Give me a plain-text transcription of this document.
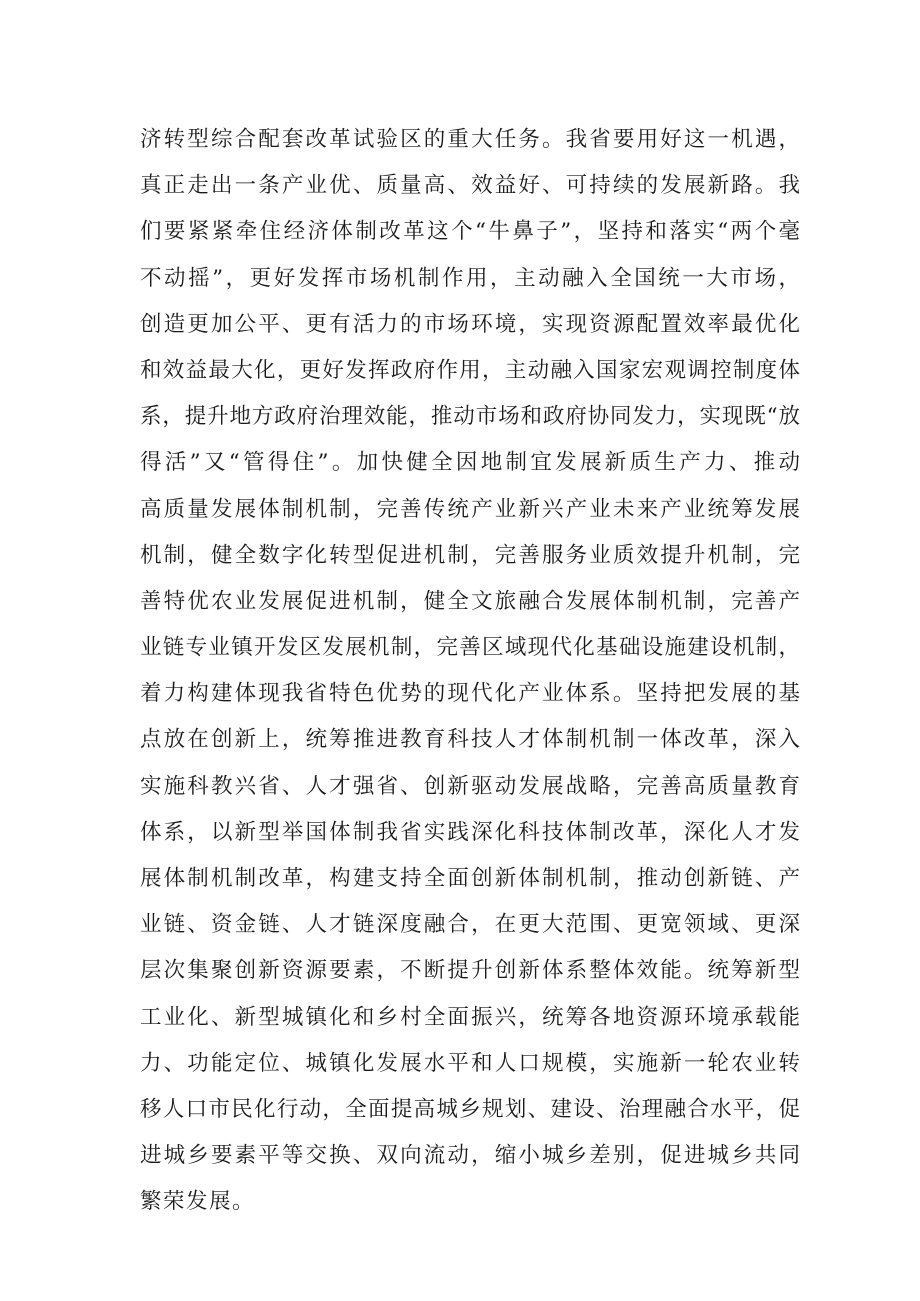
济转型综合配套改革试验区的重大任务。我省要用好这一机遇，
真正走出一条产业优、质量高、效益好、可持续的发展新路。我
们要紧紧牵住经济体制改革这个“牛鼻子”，坚持和落实“两个毫
不动摇”，更好发挥市场机制作用，主动融入全国统一大市场，
创造更加公平、更有活力的市场环境，实现资源配置效率最优化
和效益最大化，更好发挥政府作用，主动融入国家宏观调控制度体
系，提升地方政府治理效能，推动市场和政府协同发力，实现既“放
得活”又“管得住”。加快健全因地制宜发展新质生产力、推动
高质量发展体制机制，完善传统产业新兴产业未来产业统筹发展
机制，健全数字化转型促进机制，完善服务业质效提升机制，完
善特优农业发展促进机制，健全文旅融合发展体制机制，完善产
业链专业镇开发区发展机制，完善区域现代化基础设施建设机制，
着力构建体现我省特色优势的现代化产业体系。坚持把发展的基
点放在创新上，统筹推进教育科技人才体制机制一体改革，深入
实施科教兴省、人才强省、创新驱动发展战略，完善高质量教育
体系，以新型举国体制我省实践深化科技体制改革，深化人才发
展体制机制改革，构建支持全面创新体制机制，推动创新链、产
业链、资金链、人才链深度融合，在更大范围、更宽领域、更深
层次集聚创新资源要素，不断提升创新体系整体效能。统筹新型
工业化、新型城镇化和乡村全面振兴，统筹各地资源环境承载能
力、功能定位、城镇化发展水平和人口规模，实施新一轮农业转
移人口市民化行动，全面提高城乡规划、建设、治理融合水平，促
进城乡要素平等交换、双向流动，缩小城乡差别，促进城乡共同
繁荣发展。
